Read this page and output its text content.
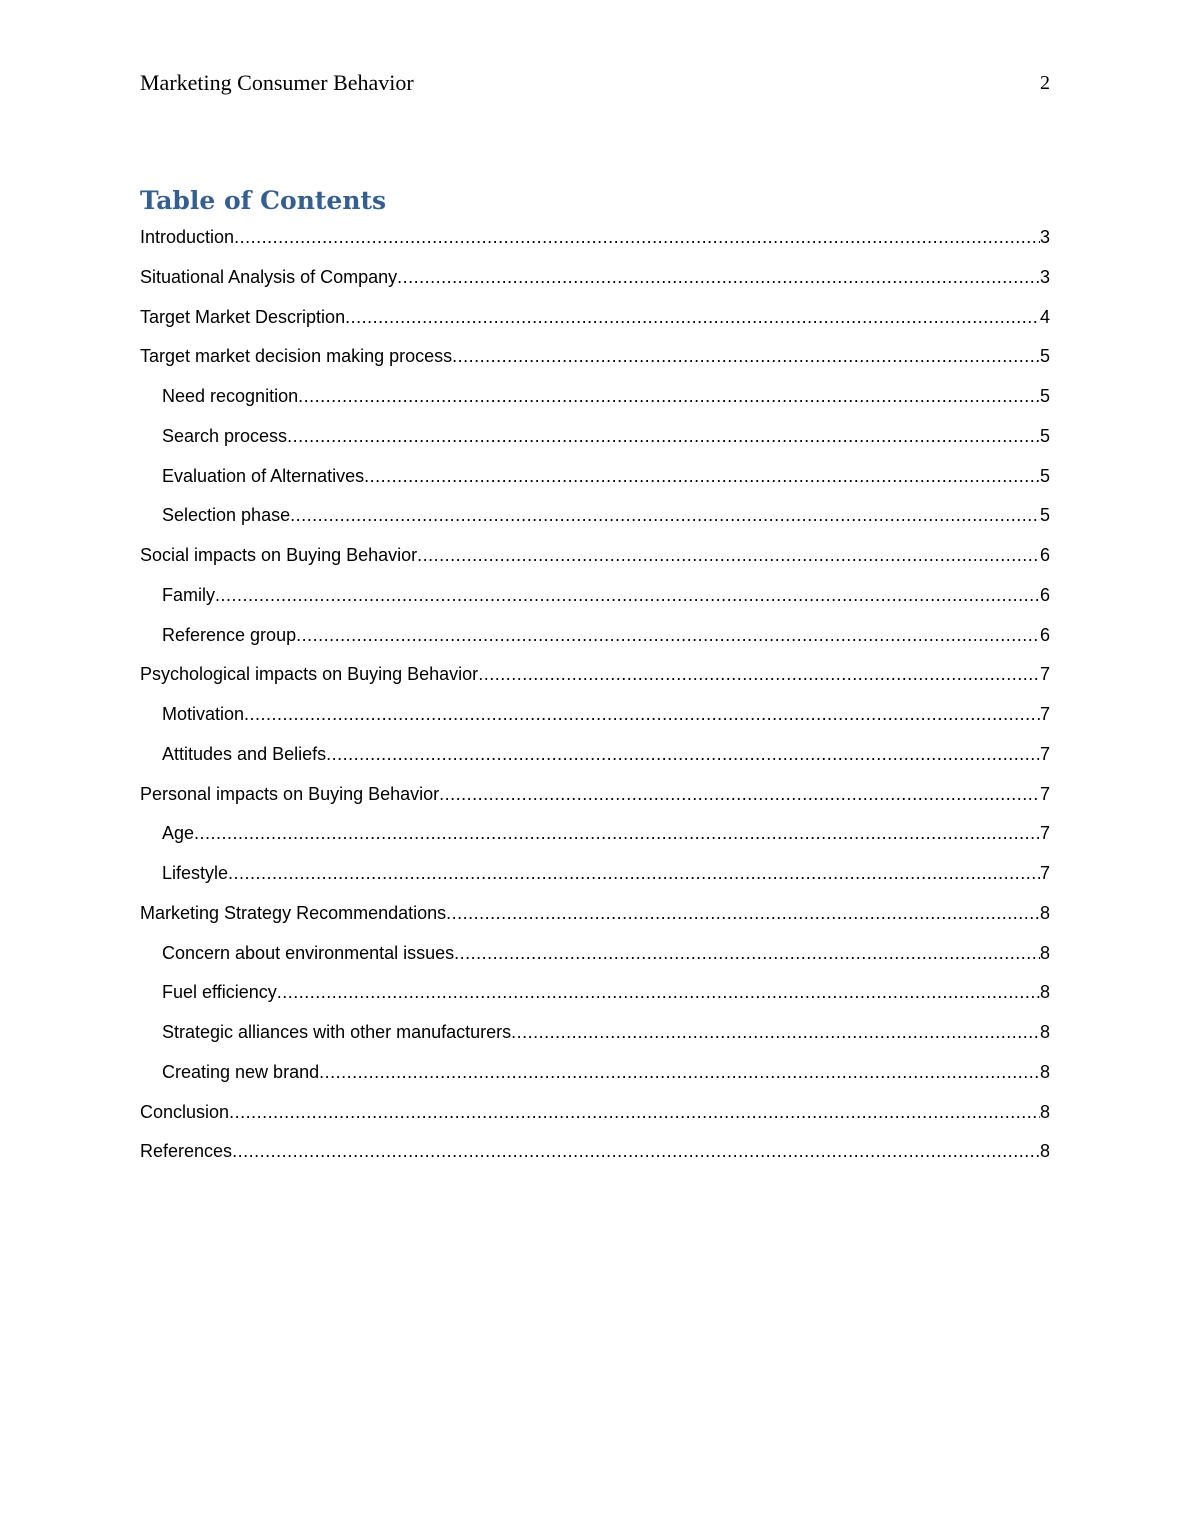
Marketing Consumer Behavior	2
Table of Contents
Introduction .....	3
Situational Analysis of Company .....	3
Target Market Description .....	4
Target market decision making process .....	5
Need recognition .....	5
Search process .....	5
Evaluation of Alternatives .....	5
Selection phase .....	5
Social impacts on Buying Behavior .....	6
Family .....	6
Reference group .....	6
Psychological impacts on Buying Behavior .....	7
Motivation .....	7
Attitudes and Beliefs .....	7
Personal impacts on Buying Behavior .....	7
Age .....	7
Lifestyle .....	7
Marketing Strategy Recommendations .....	8
Concern about environmental issues .....	8
Fuel efficiency .....	8
Strategic alliances with other manufacturers .....	8
Creating new brand .....	8
Conclusion .....	8
References .....	8
